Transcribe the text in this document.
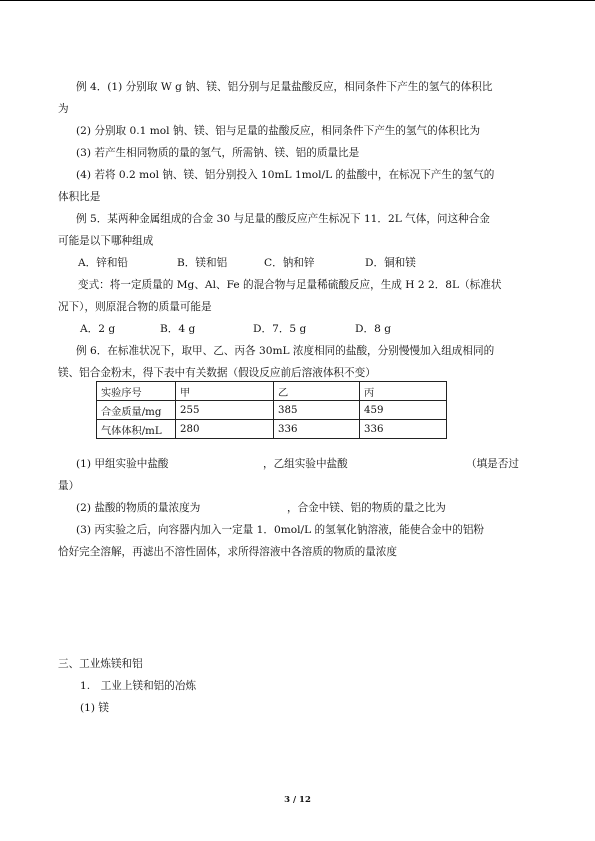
例 4．(1) 分别取 W g 钠、镁、铝分别与足量盐酸反应，相同条件下产生的氢气的体积比
为
(2) 分别取 0.1 mol 钠、镁、铝与足量的盐酸反应，相同条件下产生的氢气的体积比为
(3) 若产生相同物质的量的氢气，所需钠、镁、铝的质量比是
(4) 若将 0.2 mol 钠、镁、铝分别投入 10mL 1mol/L 的盐酸中，在标况下产生的氢气的
体积比是
例 5．某两种金属组成的合金 30 与足量的酸反应产生标况下 11．2L 气体，问这种合金
可能是以下哪种组成
A．锌和铅	B．镁和铝	C．钠和锌	D．铜和镁
变式：将一定质量的 Mg、Al、Fe 的混合物与足量稀硫酸反应，生成 H 2 2．8L（标准状
况下），则原混合物的质量可能是
A．2 g	B．4 g	D．7．5 g	D．8 g
例 6．在标准状况下，取甲、乙、丙各 30mL 浓度相同的盐酸，分别慢慢加入组成相同的
镁、铝合金粉末，得下表中有关数据（假设反应前后溶液体积不变）
实验序号	甲	乙	丙
合金质量/mg	255	385	459
气体体积/mL	280	336	336
(1) 甲组实验中盐酸	，乙组实验中盐酸	（填是否过
量）
(2) 盐酸的物质的量浓度为	，合金中镁、铝的物质的量之比为
(3) 丙实验之后，向容器内加入一定量 1．0mol/L 的氢氧化钠溶液，能使合金中的铝粉
恰好完全溶解，再滤出不溶性固体，求所得溶液中各溶质的物质的量浓度
三、工业炼镁和铝
1.　工业上镁和铝的冶炼
(1) 镁
3 / 12
